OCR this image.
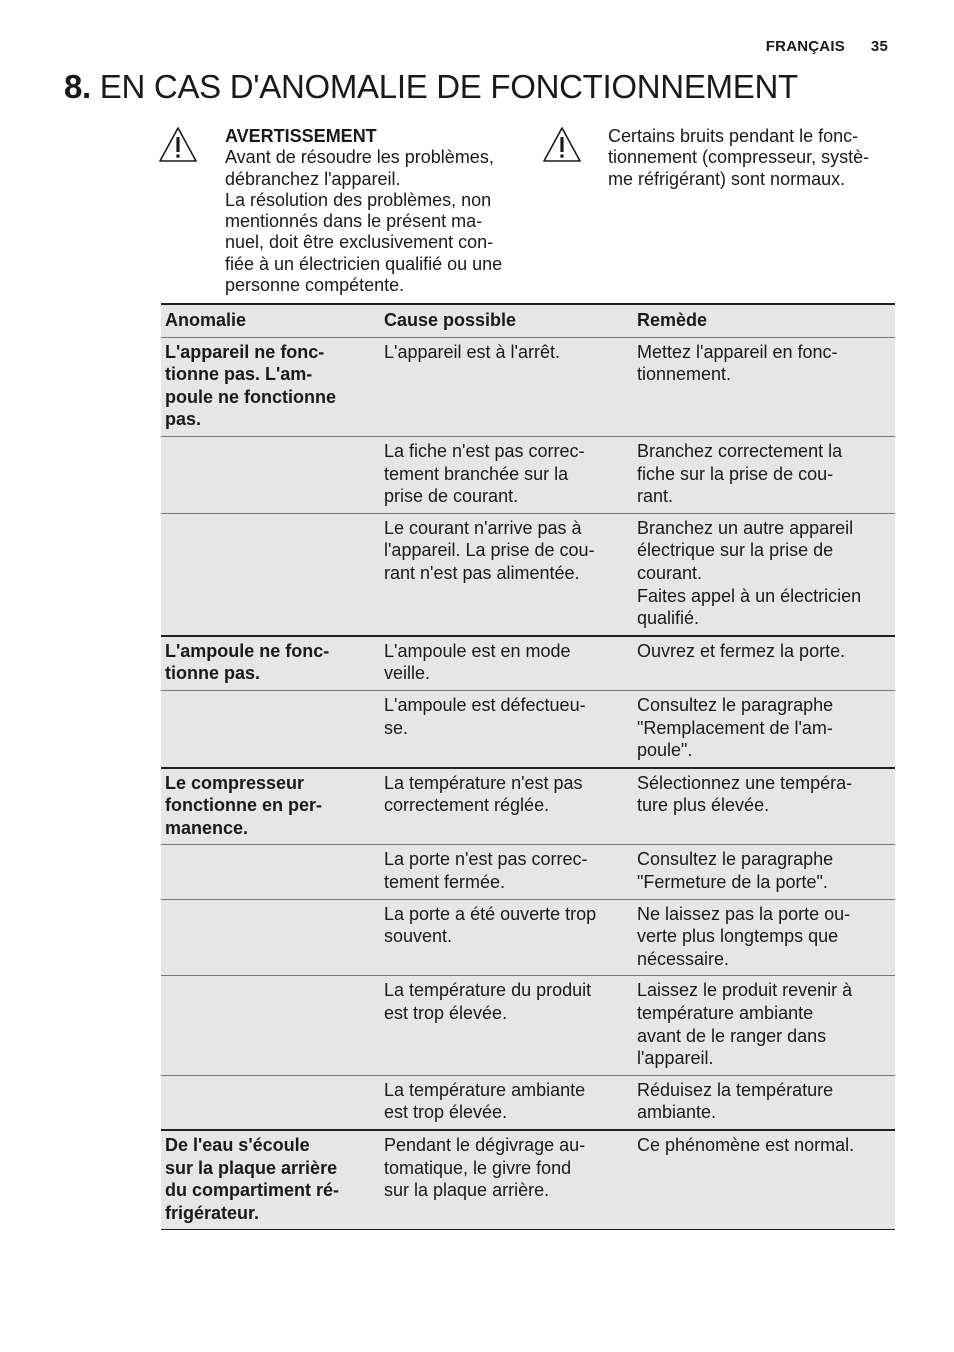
FRANÇAIS 35
8. EN CAS D'ANOMALIE DE FONCTIONNEMENT
AVERTISSEMENT
Avant de résoudre les problèmes,
débranchez l'appareil.
La résolution des problèmes, non
mentionnés dans le présent ma-
nuel, doit être exclusivement con-
fiée à un électricien qualifié ou une
personne compétente.
Certains bruits pendant le fonc-
tionnement (compresseur, systè-
me réfrigérant) sont normaux.
Anomalie	Cause possible	Remède

L'appareil ne fonc-
tionne pas. L'am-
poule ne fonctionne
pas.	L'appareil est à l'arrêt.	Mettez l'appareil en fonc-
tionnement.

	La fiche n'est pas correc-
tement branchée sur la
prise de courant.	Branchez correctement la
fiche sur la prise de cou-
rant.

	Le courant n'arrive pas à
l'appareil. La prise de cou-
rant n'est pas alimentée.	Branchez un autre appareil
électrique sur la prise de
courant.
Faites appel à un électricien
qualifié.

L'ampoule ne fonc-
tionne pas.	L'ampoule est en mode
veille.	Ouvrez et fermez la porte.

	L'ampoule est défectueu-
se.	Consultez le paragraphe
"Remplacement de l'am-
poule".

Le compresseur
fonctionne en per-
manence.	La température n'est pas
correctement réglée.	Sélectionnez une tempéra-
ture plus élevée.

	La porte n'est pas correc-
tement fermée.	Consultez le paragraphe
"Fermeture de la porte".

	La porte a été ouverte trop
souvent.	Ne laissez pas la porte ou-
verte plus longtemps que
nécessaire.

	La température du produit
est trop élevée.	Laissez le produit revenir à
température ambiante
avant de le ranger dans
l'appareil.

	La température ambiante
est trop élevée.	Réduisez la température
ambiante.

De l'eau s'écoule
sur la plaque arrière
du compartiment ré-
frigérateur.	Pendant le dégivrage au-
tomatique, le givre fond
sur la plaque arrière.	Ce phénomène est normal.
